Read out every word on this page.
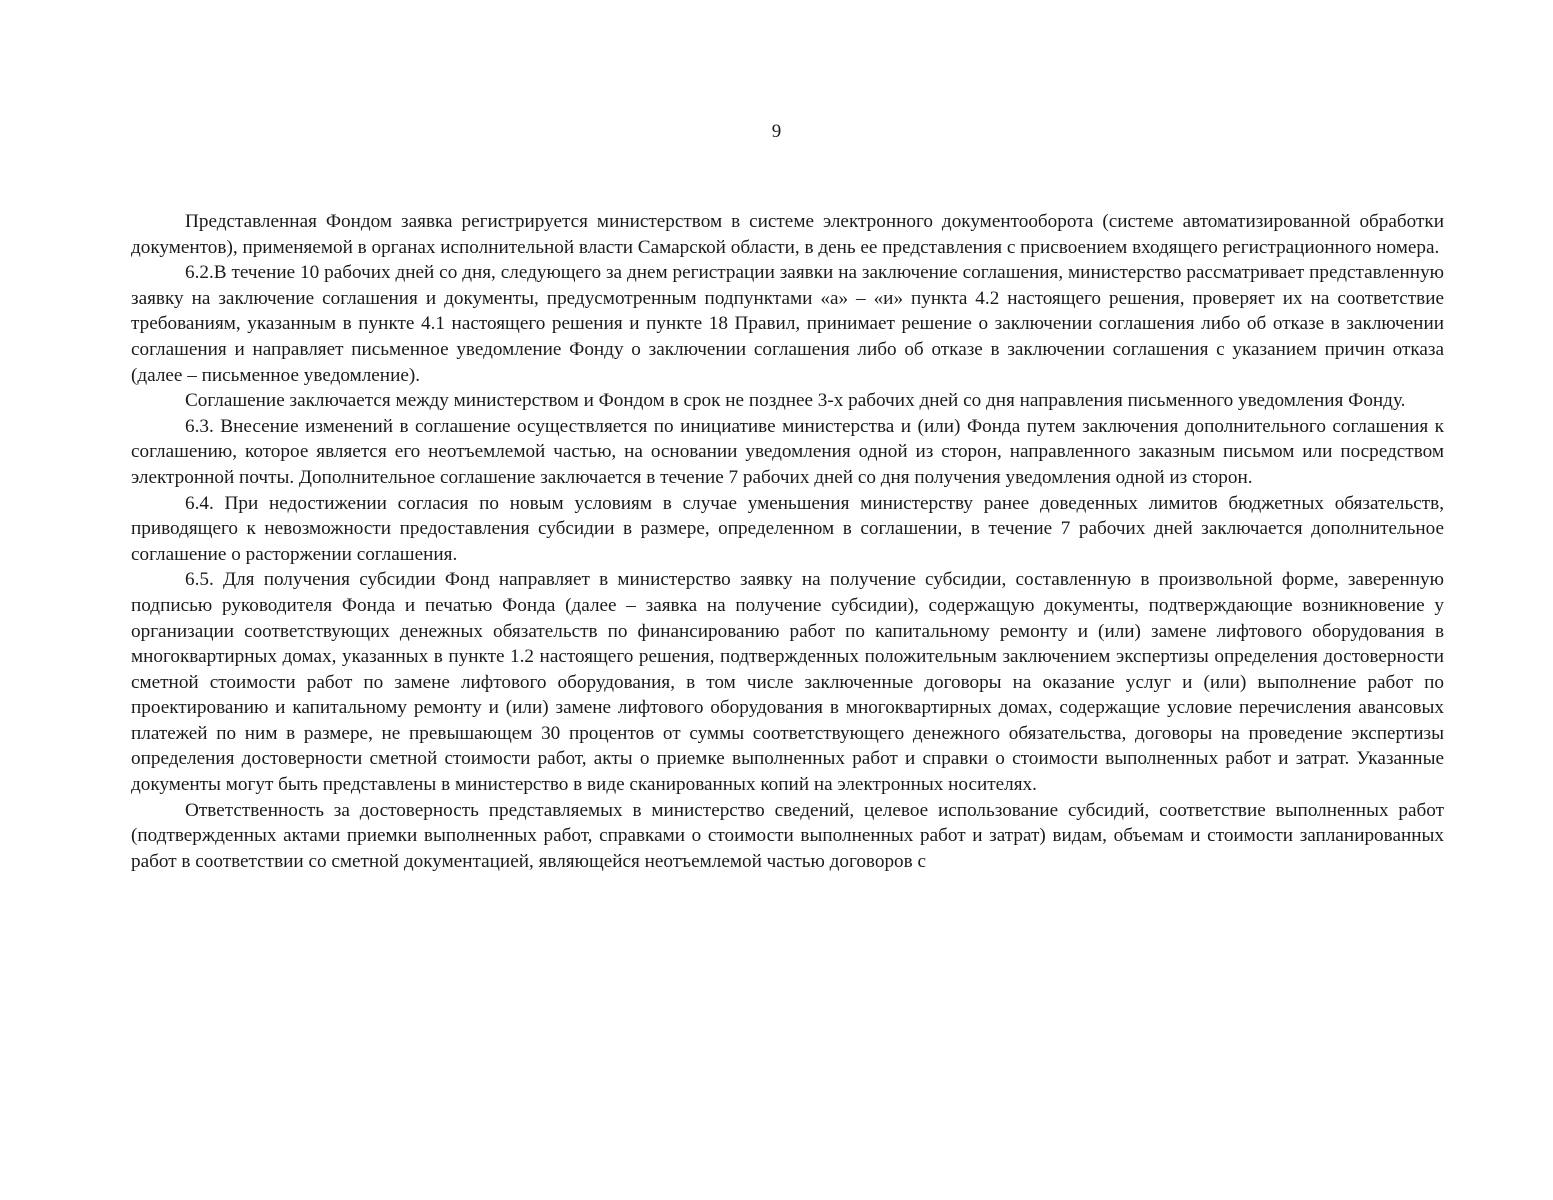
9

Представленная Фондом заявка регистрируется министерством в системе электронного документооборота (системе автоматизированной обработки документов), применяемой в органах исполнительной власти Самарской области, в день ее представления с присвоением входящего регистрационного номера.

6.2.В течение 10 рабочих дней со дня, следующего за днем регистрации заявки на заключение соглашения, министерство рассматривает представленную заявку на заключение соглашения и документы, предусмотренным подпунктами «а» – «и» пункта 4.2 настоящего решения, проверяет их на соответствие требованиям, указанным в пункте 4.1 настоящего решения и пункте 18 Правил, принимает решение о заключении соглашения либо об отказе в заключении соглашения и направляет письменное уведомление Фонду о заключении соглашения либо об отказе в заключении соглашения с указанием причин отказа (далее – письменное уведомление).

Соглашение заключается между министерством и Фондом в срок не позднее 3-х рабочих дней со дня направления письменного уведомления Фонду.

6.3. Внесение изменений в соглашение осуществляется по инициативе министерства и (или) Фонда путем заключения дополнительного соглашения к соглашению, которое является его неотъемлемой частью, на основании уведомления одной из сторон, направленного заказным письмом или посредством электронной почты. Дополнительное соглашение заключается в течение 7 рабочих дней со дня получения уведомления одной из сторон.

6.4. При недостижении согласия по новым условиям в случае уменьшения министерству ранее доведенных лимитов бюджетных обязательств, приводящего к невозможности предоставления субсидии в размере, определенном в соглашении, в течение 7 рабочих дней заключается дополнительное соглашение о расторжении соглашения.

6.5. Для получения субсидии Фонд направляет в министерство заявку на получение субсидии, составленную в произвольной форме, заверенную подписью руководителя Фонда и печатью Фонда (далее – заявка на получение субсидии), содержащую документы, подтверждающие возникновение у организации соответствующих денежных обязательств по финансированию работ по капитальному ремонту и (или) замене лифтового оборудования в многоквартирных домах, указанных в пункте 1.2 настоящего решения, подтвержденных положительным заключением экспертизы определения достоверности сметной стоимости работ по замене лифтового оборудования, в том числе заключенные договоры на оказание услуг и (или) выполнение работ по проектированию и капитальному ремонту и (или) замене лифтового оборудования в многоквартирных домах, содержащие условие перечисления авансовых платежей по ним в размере, не превышающем 30 процентов от суммы соответствующего денежного обязательства, договоры на проведение экспертизы определения достоверности сметной стоимости работ, акты о приемке выполненных работ и справки о стоимости выполненных работ и затрат. Указанные документы могут быть представлены в министерство в виде сканированных копий на электронных носителях.

Ответственность за достоверность представляемых в министерство сведений, целевое использование субсидий, соответствие выполненных работ (подтвержденных актами приемки выполненных работ, справками о стоимости выполненных работ и затрат) видам, объемам и стоимости запланированных работ в соответствии со сметной документацией, являющейся неотъемлемой частью договоров с
